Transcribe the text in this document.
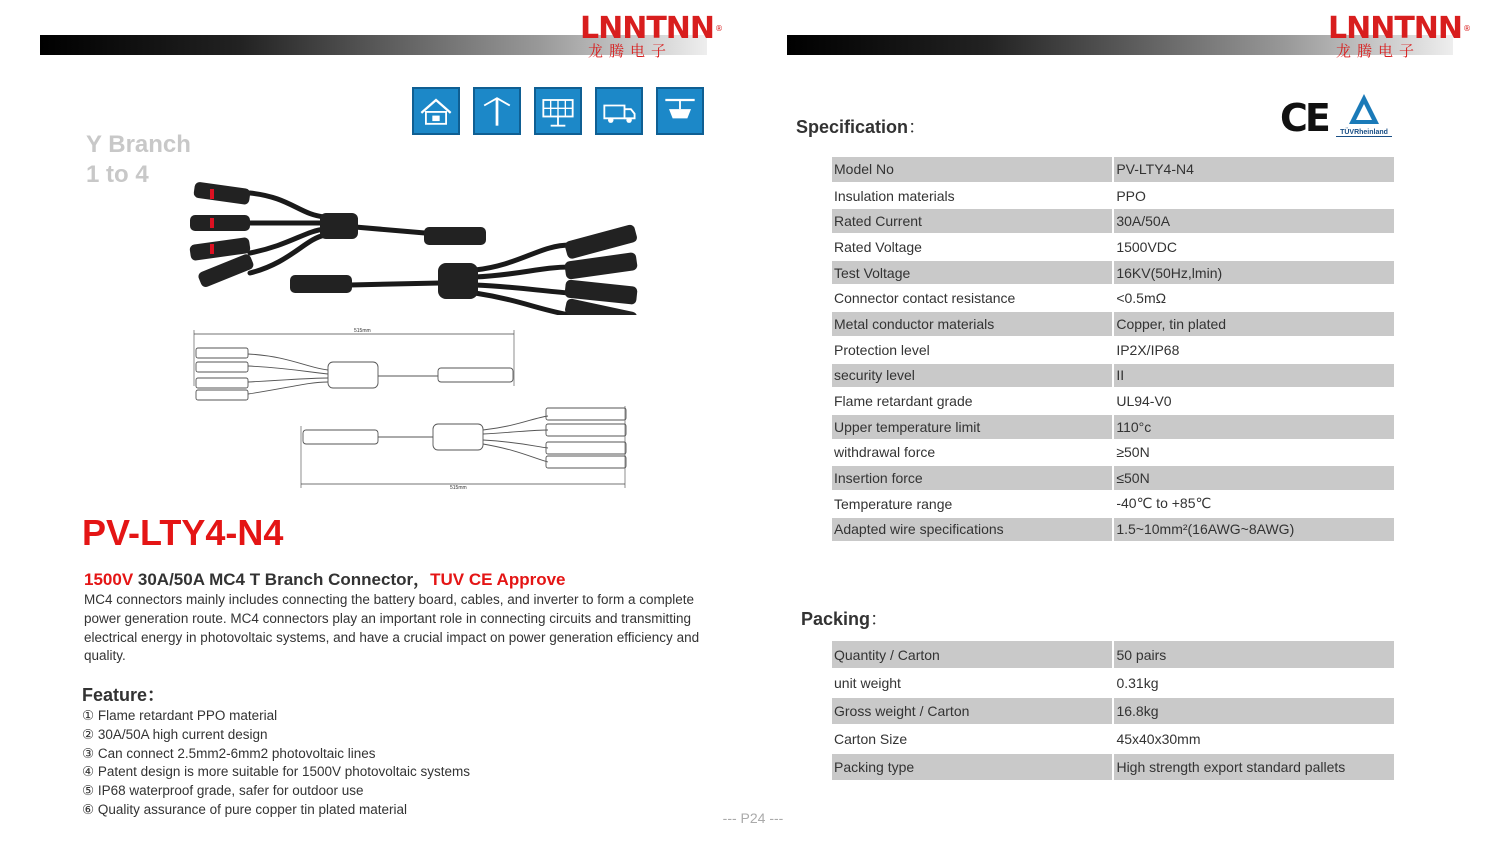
LNNTNN®
龙腾电子
Y Branch
1 to 4
515mm
515mm
PV-LTY4-N4
1500V 30A/50A MC4 T Branch Connector，TUV CE Approve
MC4 connectors mainly includes connecting the battery board, cables, and inverter to form a complete power generation route. MC4 connectors play an important role in connecting circuits and transmitting electrical energy in photovoltaic systems, and have a crucial impact on power generation efficiency and quality.
Feature：
① Flame retardant PPO material
② 30A/50A high current design
③ Can connect 2.5mm2-6mm2 photovoltaic lines
④ Patent design is more suitable for 1500V photovoltaic systems
⑤ IP68 waterproof grade, safer for outdoor use
⑥ Quality assurance of pure copper tin plated material
--- P24 ---
LNNTNN®
龙腾电子
Specification：	CE	TÜVRheinland
Model No	PV-LTY4-N4
Insulation materials	PPO
Rated Current	30A/50A
Rated Voltage	1500VDC
Test Voltage	16KV(50Hz,lmin)
Connector contact resistance	<0.5mΩ
Metal conductor materials	Copper, tin plated
Protection level	IP2X/IP68
security level	II
Flame retardant grade	UL94-V0
Upper temperature limit	110°c
withdrawal force	≥50N
Insertion force	≤50N
Temperature range	-40℃ to +85℃
Adapted wire specifications	1.5~10mm²(16AWG~8AWG)
Packing：
Quantity / Carton	50 pairs
unit weight	0.31kg
Gross weight / Carton	16.8kg
Carton Size	45x40x30mm
Packing type	High strength export standard pallets
